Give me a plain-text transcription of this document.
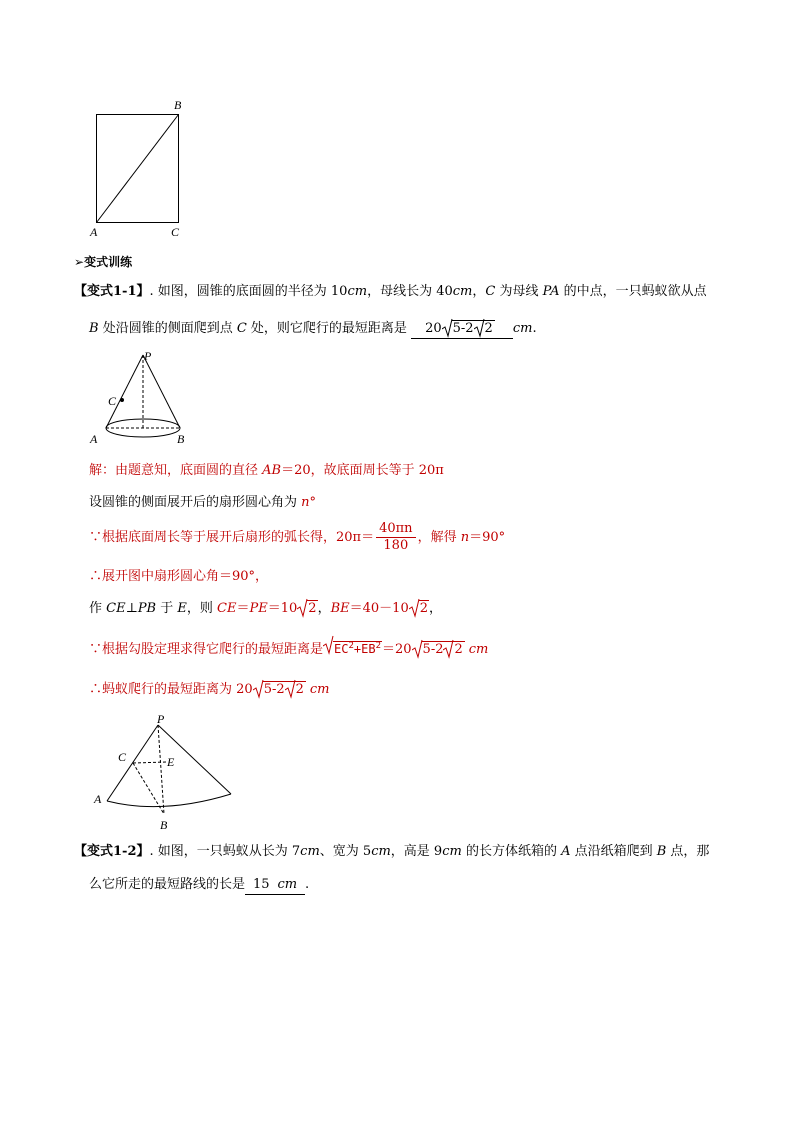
B
A	C
➢变式训练
【变式1-1】. 如图，圆锥的底面圆的半径为 10cm，母线长为 40cm，C 为母线 PA 的中点，一只蚂蚁欲从点
B 处沿圆锥的侧面爬到点 C 处，则它爬行的最短距离是 20 5-2 2 cm.
P
C
A	B
解：由题意知，底面圆的直径 AB＝20，故底面周长等于 20π
设圆锥的侧面展开后的扇形圆心角为 n°
∵根据底面周长等于展开后扇形的弧长得，$20\pi= \frac{40\pi n}{180}$ ，解得 n＝90°
∴展开图中扇形圆心角＝90°，
作 CE⊥PB 于 E，则 CE＝PE＝10 2，BE＝40－10 2，
∵根据勾股定理求得它爬行的最短距离是 $EC^2+EB^2=20$ 5-2 2 cm
∴蚂蚁爬行的最短距离为 20 5-2 2 cm
P
C	E
A
B
【变式1-2】. 如图，一只蚂蚁从长为 7cm、宽为 5cm，高是 9cm 的长方体纸箱的 A 点沿纸箱爬到 B 点，那
么它所走的最短路线的长是 15 cm .
